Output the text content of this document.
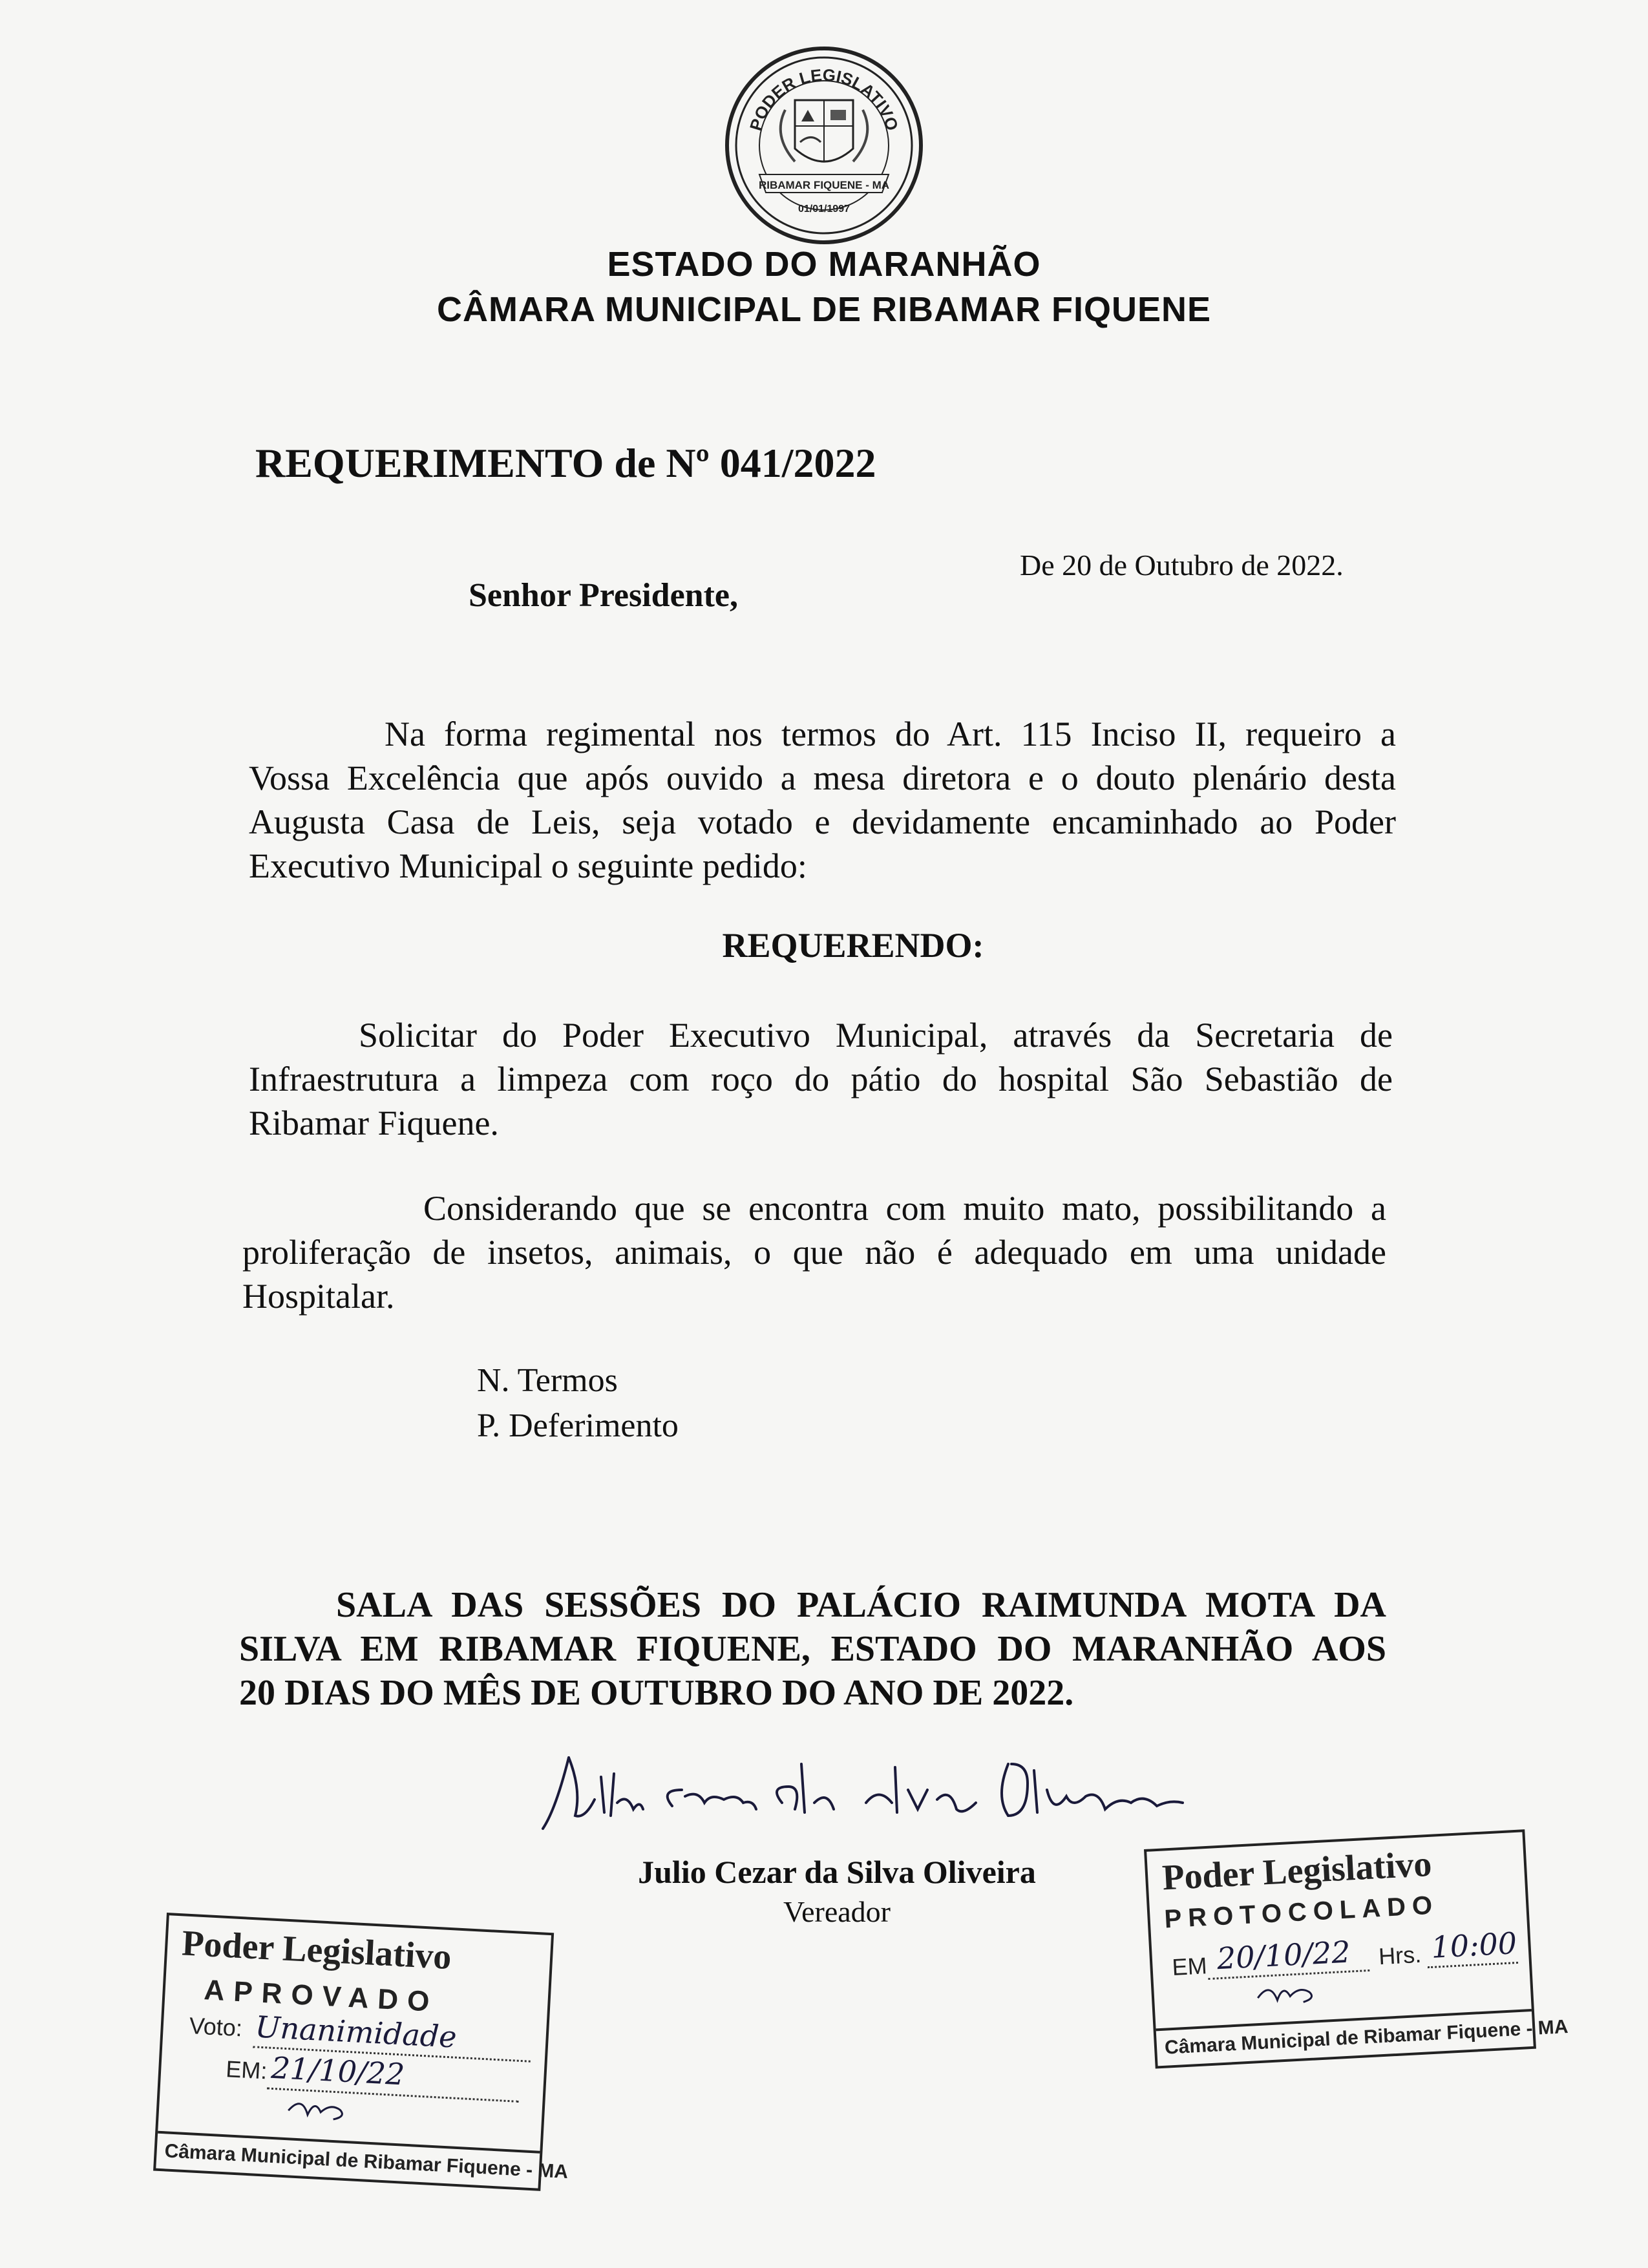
PODER LEGISLATIVO
RIBAMAR FIQUENE - MA
01/01/1997
ESTADO DO MARANHÃO
CÂMARA MUNICIPAL DE RIBAMAR FIQUENE
REQUERIMENTO de Nº 041/2022
De 20 de Outubro de 2022.
Senhor Presidente,
Na forma regimental nos termos do Art. 115 Inciso II, requeiro a
Vossa Excelência que após ouvido a mesa diretora e o douto plenário desta
Augusta Casa de Leis, seja votado e devidamente encaminhado ao Poder
Executivo Municipal o seguinte pedido:
REQUERENDO:
Solicitar do Poder Executivo Municipal, através da Secretaria de
Infraestrutura a limpeza com roço do pátio do hospital São Sebastião de
Ribamar Fiquene.
Considerando que se encontra com muito mato, possibilitando a
proliferação de insetos, animais, o que não é adequado em uma unidade
Hospitalar.
N. Termos
P. Deferimento
SALA DAS SESSÕES DO PALÁCIO RAIMUNDA MOTA DA
SILVA EM RIBAMAR FIQUENE, ESTADO DO MARANHÃO AOS
20 DIAS DO MÊS DE OUTUBRO DO ANO DE 2022.
Julio Cezar da Silva Oliveira
Vereador
Poder Legislativo
APROVADO
Voto: Unanimidade
EM: 21/10/22
Câmara Municipal de Ribamar Fiquene - MA
Poder Legislativo
PROTOCOLADO
EM 20/10/22 Hrs. 10:00
Câmara Municipal de Ribamar Fiquene - MA
